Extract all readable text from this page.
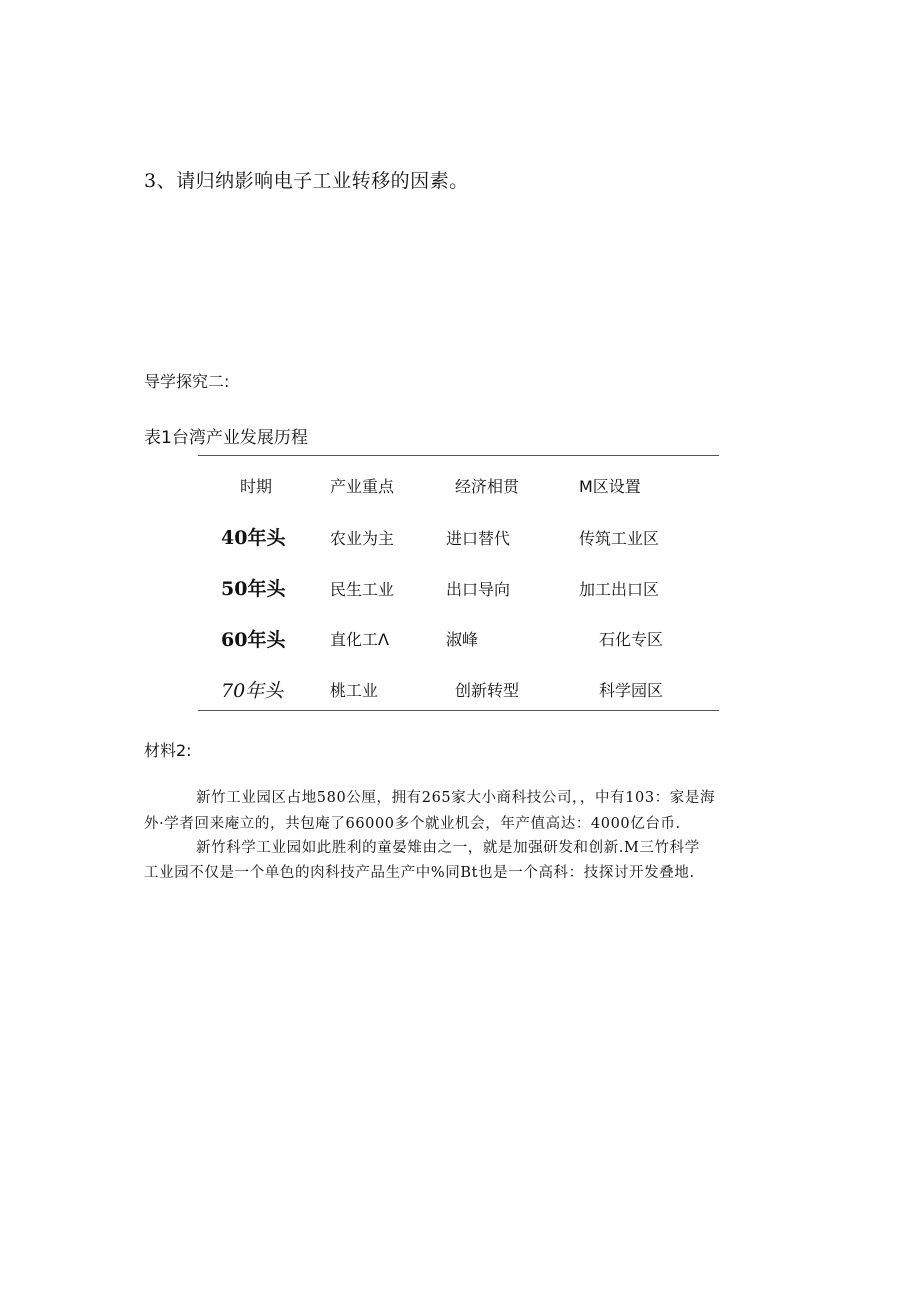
3、请归纳影响电子工业转移的因素。
导学探究二:
表1台湾产业发展历程
时期	产业重点	经济相贯	M区设置
40年头	农业为主	进口替代	传筑工业区
50年头	民生工业	出口导向	加工出口区
60年头	直化工Λ	淑峰	石化专区
70年头	桃工业	创新转型	科学园区
材料2:
新竹工业园区占地580公厘，拥有265家大小商科技公司，，中有103：家是海
外·学者回来庵立的，共包庵了66000多个就业机会，年产值高达：4000亿台币.
新竹科学工业园如此胜利的童晏雉由之一，就是加强研发和创新.M三竹科学
工业园不仅是一个单色的肉科技产品生产中%同Bt也是一个高科：技探讨开发叠地.
